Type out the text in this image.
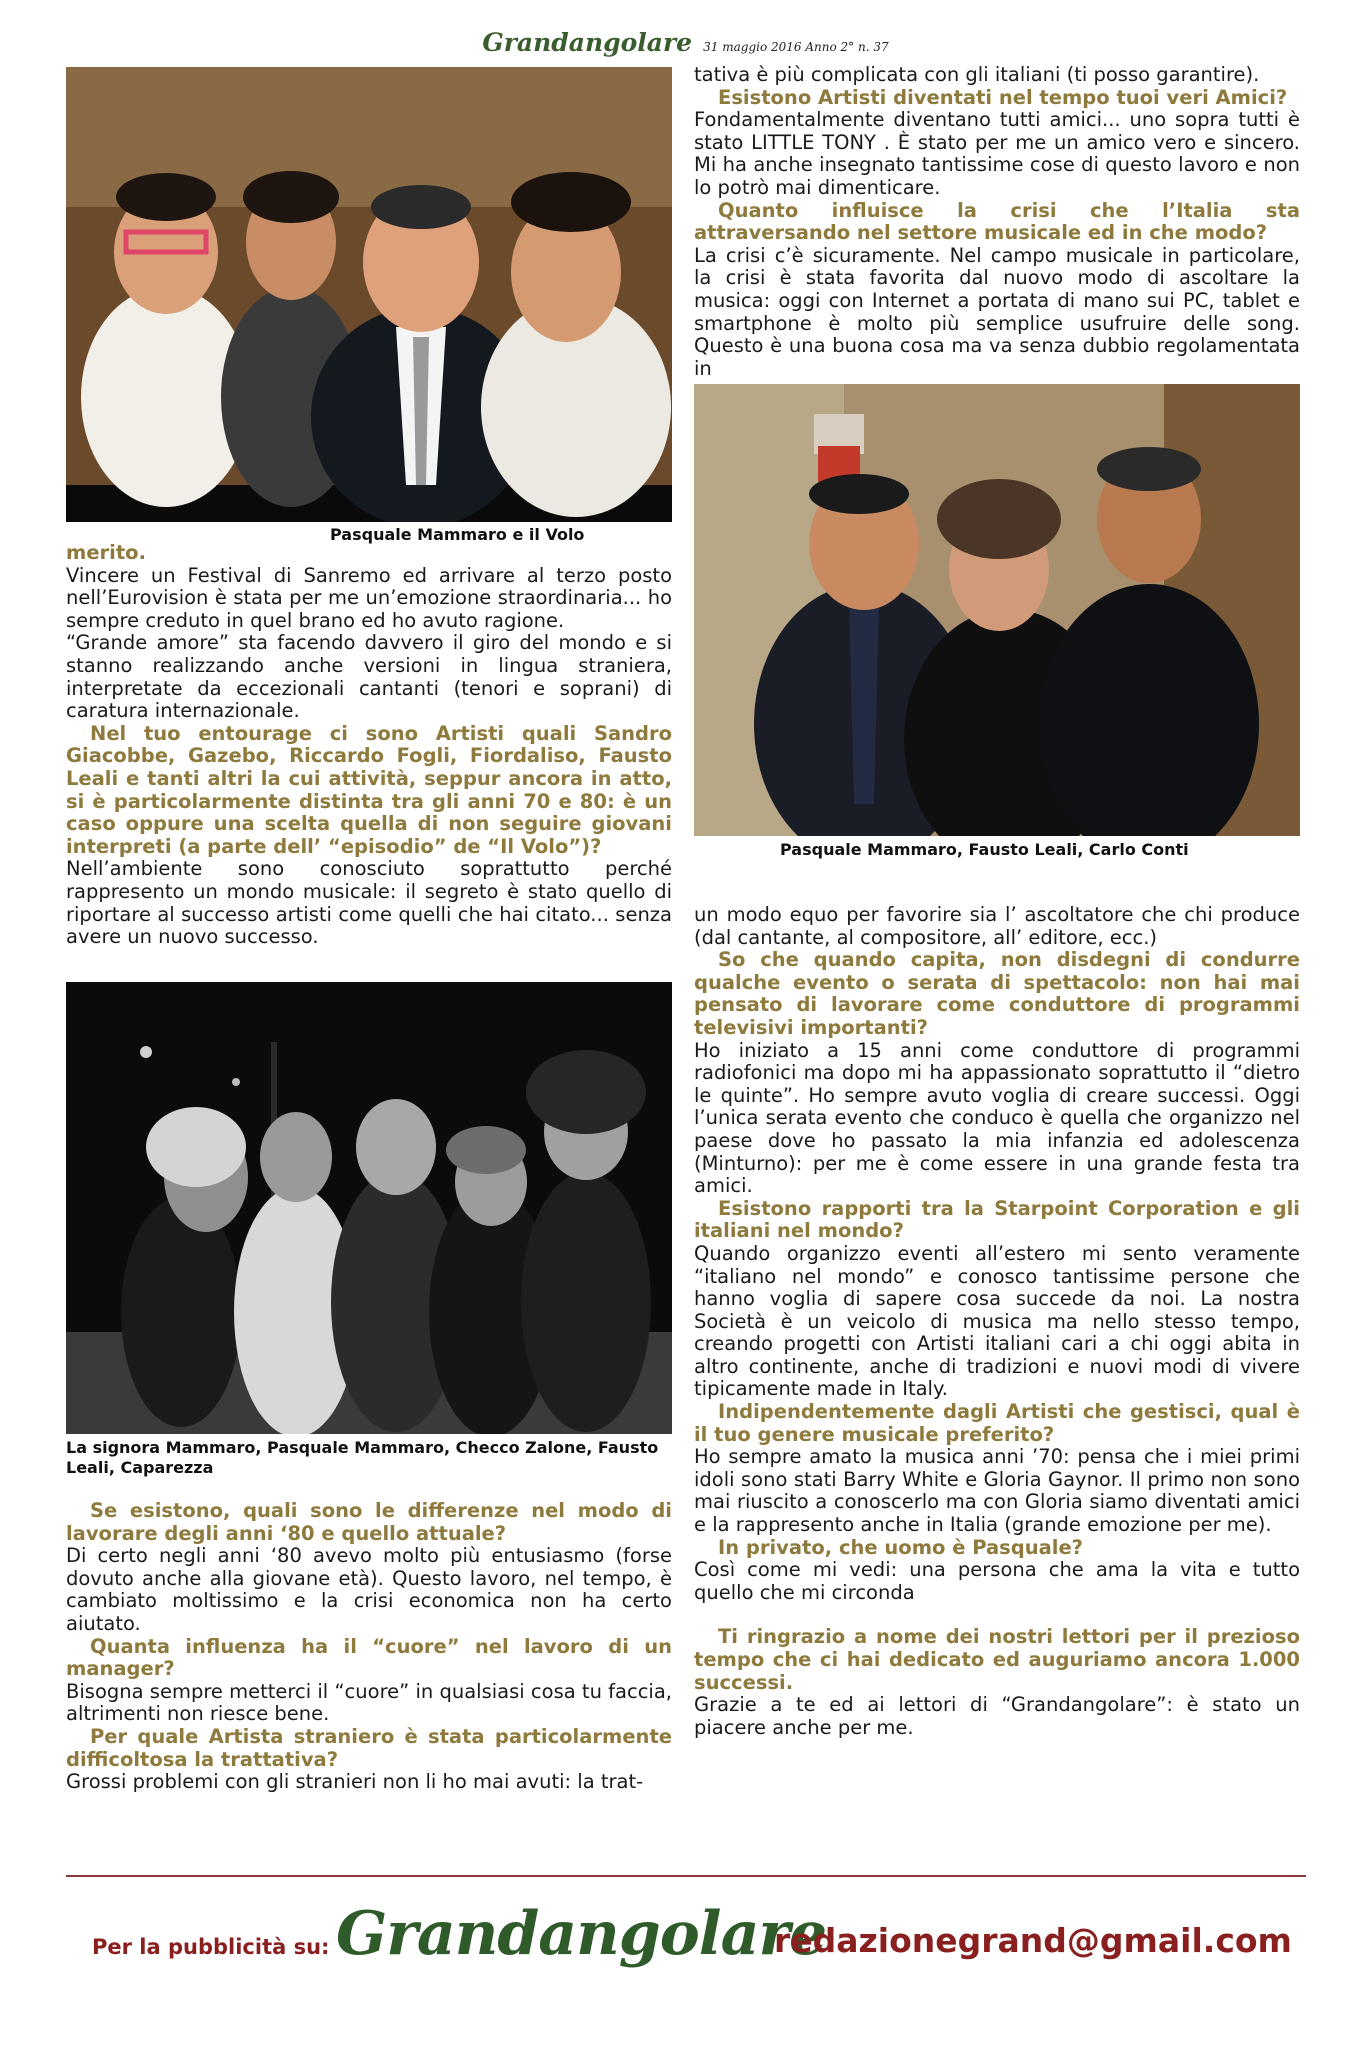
Grandangolare 31 maggio 2016 Anno 2° n. 37
Pasquale Mammaro e il Volo
Pasquale Mammaro, Fausto Leali, Carlo Conti
La signora Mammaro, Pasquale Mammaro, Checco Zalone, Fausto Leali, Caparezza

merito.

Vincere un Festival di Sanremo ed arrivare al terzo posto nell’Eurovision è stata per me un’emozione straordinaria... ho sempre creduto in quel brano ed ho avuto ragione.

“Grande amore” sta facendo davvero il giro del mondo e si stanno realizzando anche versioni in lingua straniera, interpretate da eccezionali cantanti (tenori e soprani) di caratura internazionale.

Nel tuo entourage ci sono Artisti quali Sandro Giacobbe, Gazebo, Riccardo Fogli, Fiordaliso, Fausto Leali e tanti altri la cui attività, seppur ancora in atto, si è particolarmente distinta tra gli anni 70 e 80: è un caso oppure una scelta quella di non seguire giovani interpreti (a parte dell’ “episodio” de “Il Volo”)?

Nell’ambiente sono conosciuto soprattutto perché rappresento un mondo musicale: il segreto è stato quello di riportare al successo artisti come quelli che hai citato... senza avere un nuovo successo.

Se esistono, quali sono le differenze nel modo di lavorare degli anni ‘80 e quello attuale?

Di certo negli anni ‘80 avevo molto più entusiasmo (forse dovuto anche alla giovane età). Questo lavoro, nel tempo, è cambiato moltissimo e la crisi economica non ha certo aiutato.

Quanta influenza ha il “cuore” nel lavoro di un manager?

Bisogna sempre metterci il “cuore” in qualsiasi cosa tu faccia, altrimenti non riesce bene.

Per quale Artista straniero è stata particolarmente difficoltosa la trattativa?

Grossi problemi con gli stranieri non li ho mai avuti: la trat-

tativa è più complicata con gli italiani (ti posso garantire).

Esistono Artisti diventati nel tempo tuoi veri Amici?

Fondamentalmente diventano tutti amici... uno sopra tutti è stato LITTLE TONY . È stato per me un amico vero e sincero. Mi ha anche insegnato tantissime cose di questo lavoro e non lo potrò mai dimenticare.

Quanto influisce la crisi che l’Italia sta attraversando nel settore musicale ed in che modo?

La crisi c’è sicuramente. Nel campo musicale in particolare, la crisi è stata favorita dal nuovo modo di ascoltare la musica: oggi con Internet a portata di mano sui PC, tablet e smartphone è molto più semplice usufruire delle song. Questo è una buona cosa ma va senza dubbio regolamentata in

un modo equo per favorire sia l’ ascoltatore che chi produce (dal cantante, al compositore, all’ editore, ecc.)

So che quando capita, non disdegni di condurre qualche evento o serata di spettacolo: non hai mai pensato di lavorare come conduttore di programmi televisivi importanti?

Ho iniziato a 15 anni come conduttore di programmi radiofonici ma dopo mi ha appassionato soprattutto il “dietro le quinte”. Ho sempre avuto voglia di creare successi. Oggi l’unica serata evento che conduco è quella che organizzo nel paese dove ho passato la mia infanzia ed adolescenza (Minturno): per me è come essere in una grande festa tra amici.

Esistono rapporti tra la Starpoint Corporation e gli italiani nel mondo?

Quando organizzo eventi all’estero mi sento veramente “italiano nel mondo” e conosco tantissime persone che hanno voglia di sapere cosa succede da noi. La nostra Società è un veicolo di musica ma nello stesso tempo, creando progetti con Artisti italiani cari a chi oggi abita in altro continente, anche di tradizioni e nuovi modi di vivere tipicamente made in Italy.

Indipendentemente dagli Artisti che gestisci, qual è il tuo genere musicale preferito?

Ho sempre amato la musica anni ’70: pensa che i miei primi idoli sono stati Barry White e Gloria Gaynor. Il primo non sono mai riuscito a conoscerlo ma con Gloria siamo diventati amici e la rappresento anche in Italia (grande emozione per me).

In privato, che uomo è Pasquale?

Così come mi vedi: una persona che ama la vita e tutto quello che mi circonda

Ti ringrazio a nome dei nostri lettori per il prezioso tempo che ci hai dedicato ed auguriamo ancora 1.000 successi.

Grazie a te ed ai lettori di “Grandangolare”: è stato un piacere anche per me.

Per la pubblicità su: Grandangolare
redazionegrand@gmail.com
